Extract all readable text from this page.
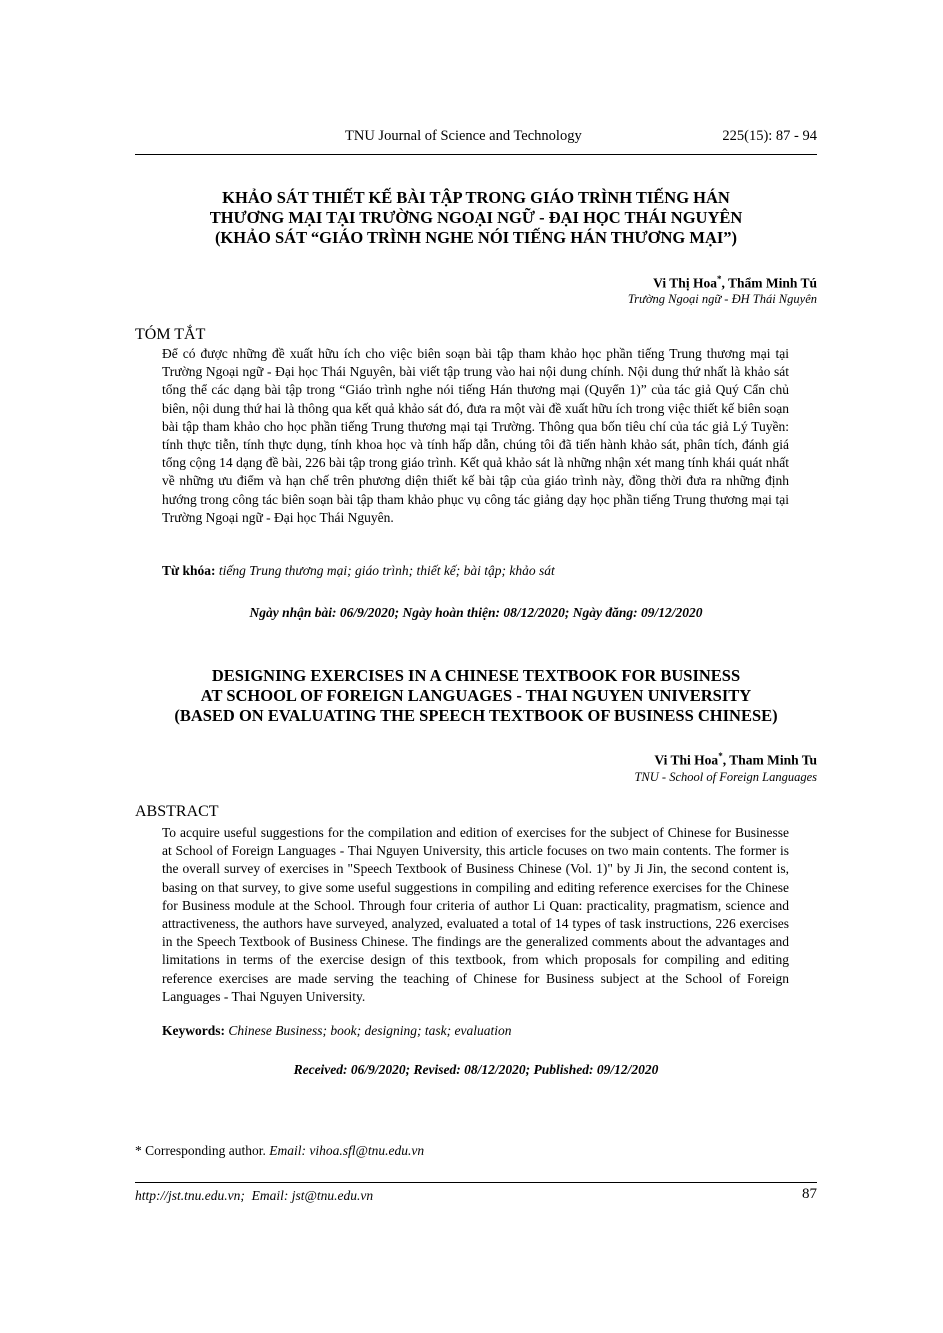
TNU Journal of Science and Technology	225(15): 87 - 94
KHẢO SÁT THIẾT KẾ BÀI TẬP TRONG GIÁO TRÌNH TIẾNG HÁN
THƯƠNG MẠI TẠI TRƯỜNG NGOẠI NGỮ - ĐẠI HỌC THÁI NGUYÊN
(KHẢO SÁT “GIÁO TRÌNH NGHE NÓI TIẾNG HÁN THƯƠNG MẠI”)
Vi Thị Hoa*, Thẩm Minh Tú
Trường Ngoại ngữ - ĐH Thái Nguyên
TÓM TẮT
Để có được những đề xuất hữu ích cho việc biên soạn bài tập tham khảo học phần tiếng Trung thương mại tại Trường Ngoại ngữ - Đại học Thái Nguyên, bài viết tập trung vào hai nội dung chính. Nội dung thứ nhất là khảo sát tổng thể các dạng bài tập trong “Giáo trình nghe nói tiếng Hán thương mại (Quyển 1)” của tác giả Quý Cẩn chủ biên, nội dung thứ hai là thông qua kết quả khảo sát đó, đưa ra một vài đề xuất hữu ích trong việc thiết kế biên soạn bài tập tham khảo cho học phần tiếng Trung thương mại tại Trường. Thông qua bốn tiêu chí của tác giả Lý Tuyền: tính thực tiễn, tính thực dụng, tính khoa học và tính hấp dẫn, chúng tôi đã tiến hành khảo sát, phân tích, đánh giá tổng cộng 14 dạng đề bài, 226 bài tập trong giáo trình. Kết quả khảo sát là những nhận xét mang tính khái quát nhất về những ưu điểm và hạn chế trên phương diện thiết kế bài tập của giáo trình này, đồng thời đưa ra những định hướng trong công tác biên soạn bài tập tham khảo phục vụ công tác giảng dạy học phần tiếng Trung thương mại tại Trường Ngoại ngữ - Đại học Thái Nguyên.
Từ khóa: tiếng Trung thương mại; giáo trình; thiết kế; bài tập; khảo sát
Ngày nhận bài: 06/9/2020; Ngày hoàn thiện: 08/12/2020; Ngày đăng: 09/12/2020
DESIGNING EXERCISES IN A CHINESE TEXTBOOK FOR BUSINESS
AT SCHOOL OF FOREIGN LANGUAGES - THAI NGUYEN UNIVERSITY
(BASED ON EVALUATING THE SPEECH TEXTBOOK OF BUSINESS CHINESE)
Vi Thi Hoa*, Tham Minh Tu
TNU - School of Foreign Languages
ABSTRACT
To acquire useful suggestions for the compilation and edition of exercises for the subject of Chinese for Businesse at School of Foreign Languages - Thai Nguyen University, this article focuses on two main contents. The former is the overall survey of exercises in "Speech Textbook of Business Chinese (Vol. 1)" by Ji Jin, the second content is, basing on that survey, to give some useful suggestions in compiling and editing reference exercises for the Chinese for Business module at the School. Through four criteria of author Li Quan: practicality, pragmatism, science and attractiveness, the authors have surveyed, analyzed, evaluated a total of 14 types of task instructions, 226 exercises in the Speech Textbook of Business Chinese. The findings are the generalized comments about the advantages and limitations in terms of the exercise design of this textbook, from which proposals for compiling and editing reference exercises are made serving the teaching of Chinese for Business subject at the School of Foreign Languages - Thai Nguyen University.
Keywords: Chinese Business; book; designing; task; evaluation
Received: 06/9/2020; Revised: 08/12/2020; Published: 09/12/2020
* Corresponding author. Email: vihoa.sfl@tnu.edu.vn
http://jst.tnu.edu.vn;  Email: jst@tnu.edu.vn	87
